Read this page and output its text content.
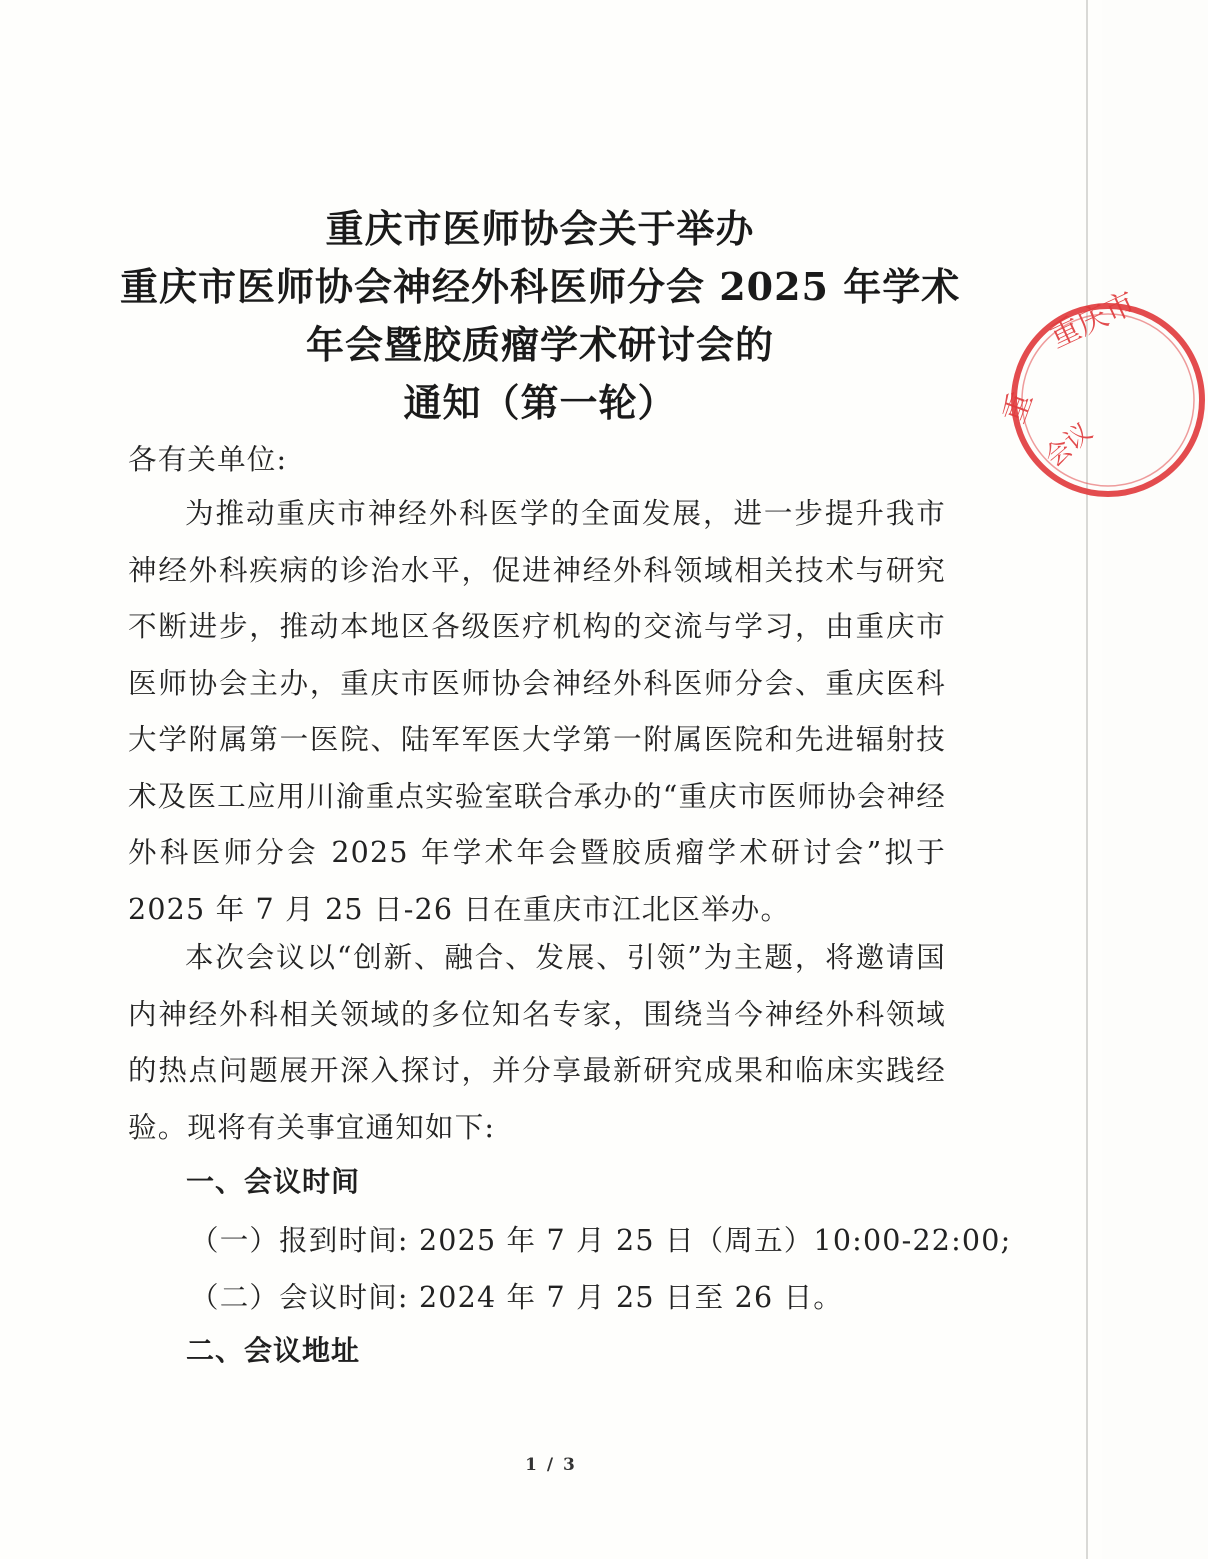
重庆市医师协会关于举办
重庆市医师协会神经外科医师分会 2025 年学术
年会暨胶质瘤学术研讨会的
通知（第一轮）
各有关单位:

为推动重庆市神经外科医学的全面发展，进一步提升我市神经外科疾病的诊治水平，促进神经外科领域相关技术与研究不断进步，推动本地区各级医疗机构的交流与学习，由重庆市医师协会主办，重庆市医师协会神经外科医师分会、重庆医科大学附属第一医院、陆军军医大学第一附属医院和先进辐射技术及医工应用川渝重点实验室联合承办的“重庆市医师协会神经外科医师分会 2025 年学术年会暨胶质瘤学术研讨会”拟于 2025 年 7 月 25 日-26 日在重庆市江北区举办。

本次会议以“创新、融合、发展、引领”为主题，将邀请国内神经外科相关领域的多位知名专家，围绕当今神经外科领域的热点问题展开深入探讨，并分享最新研究成果和临床实践经验。现将有关事宜通知如下:

一、会议时间
（一）报到时间: 2025 年 7 月 25 日（周五）10:00-22:00;
（二）会议时间: 2024 年 7 月 25 日至 26 日。
二、会议地址
1 / 3
重庆市
重
会议
